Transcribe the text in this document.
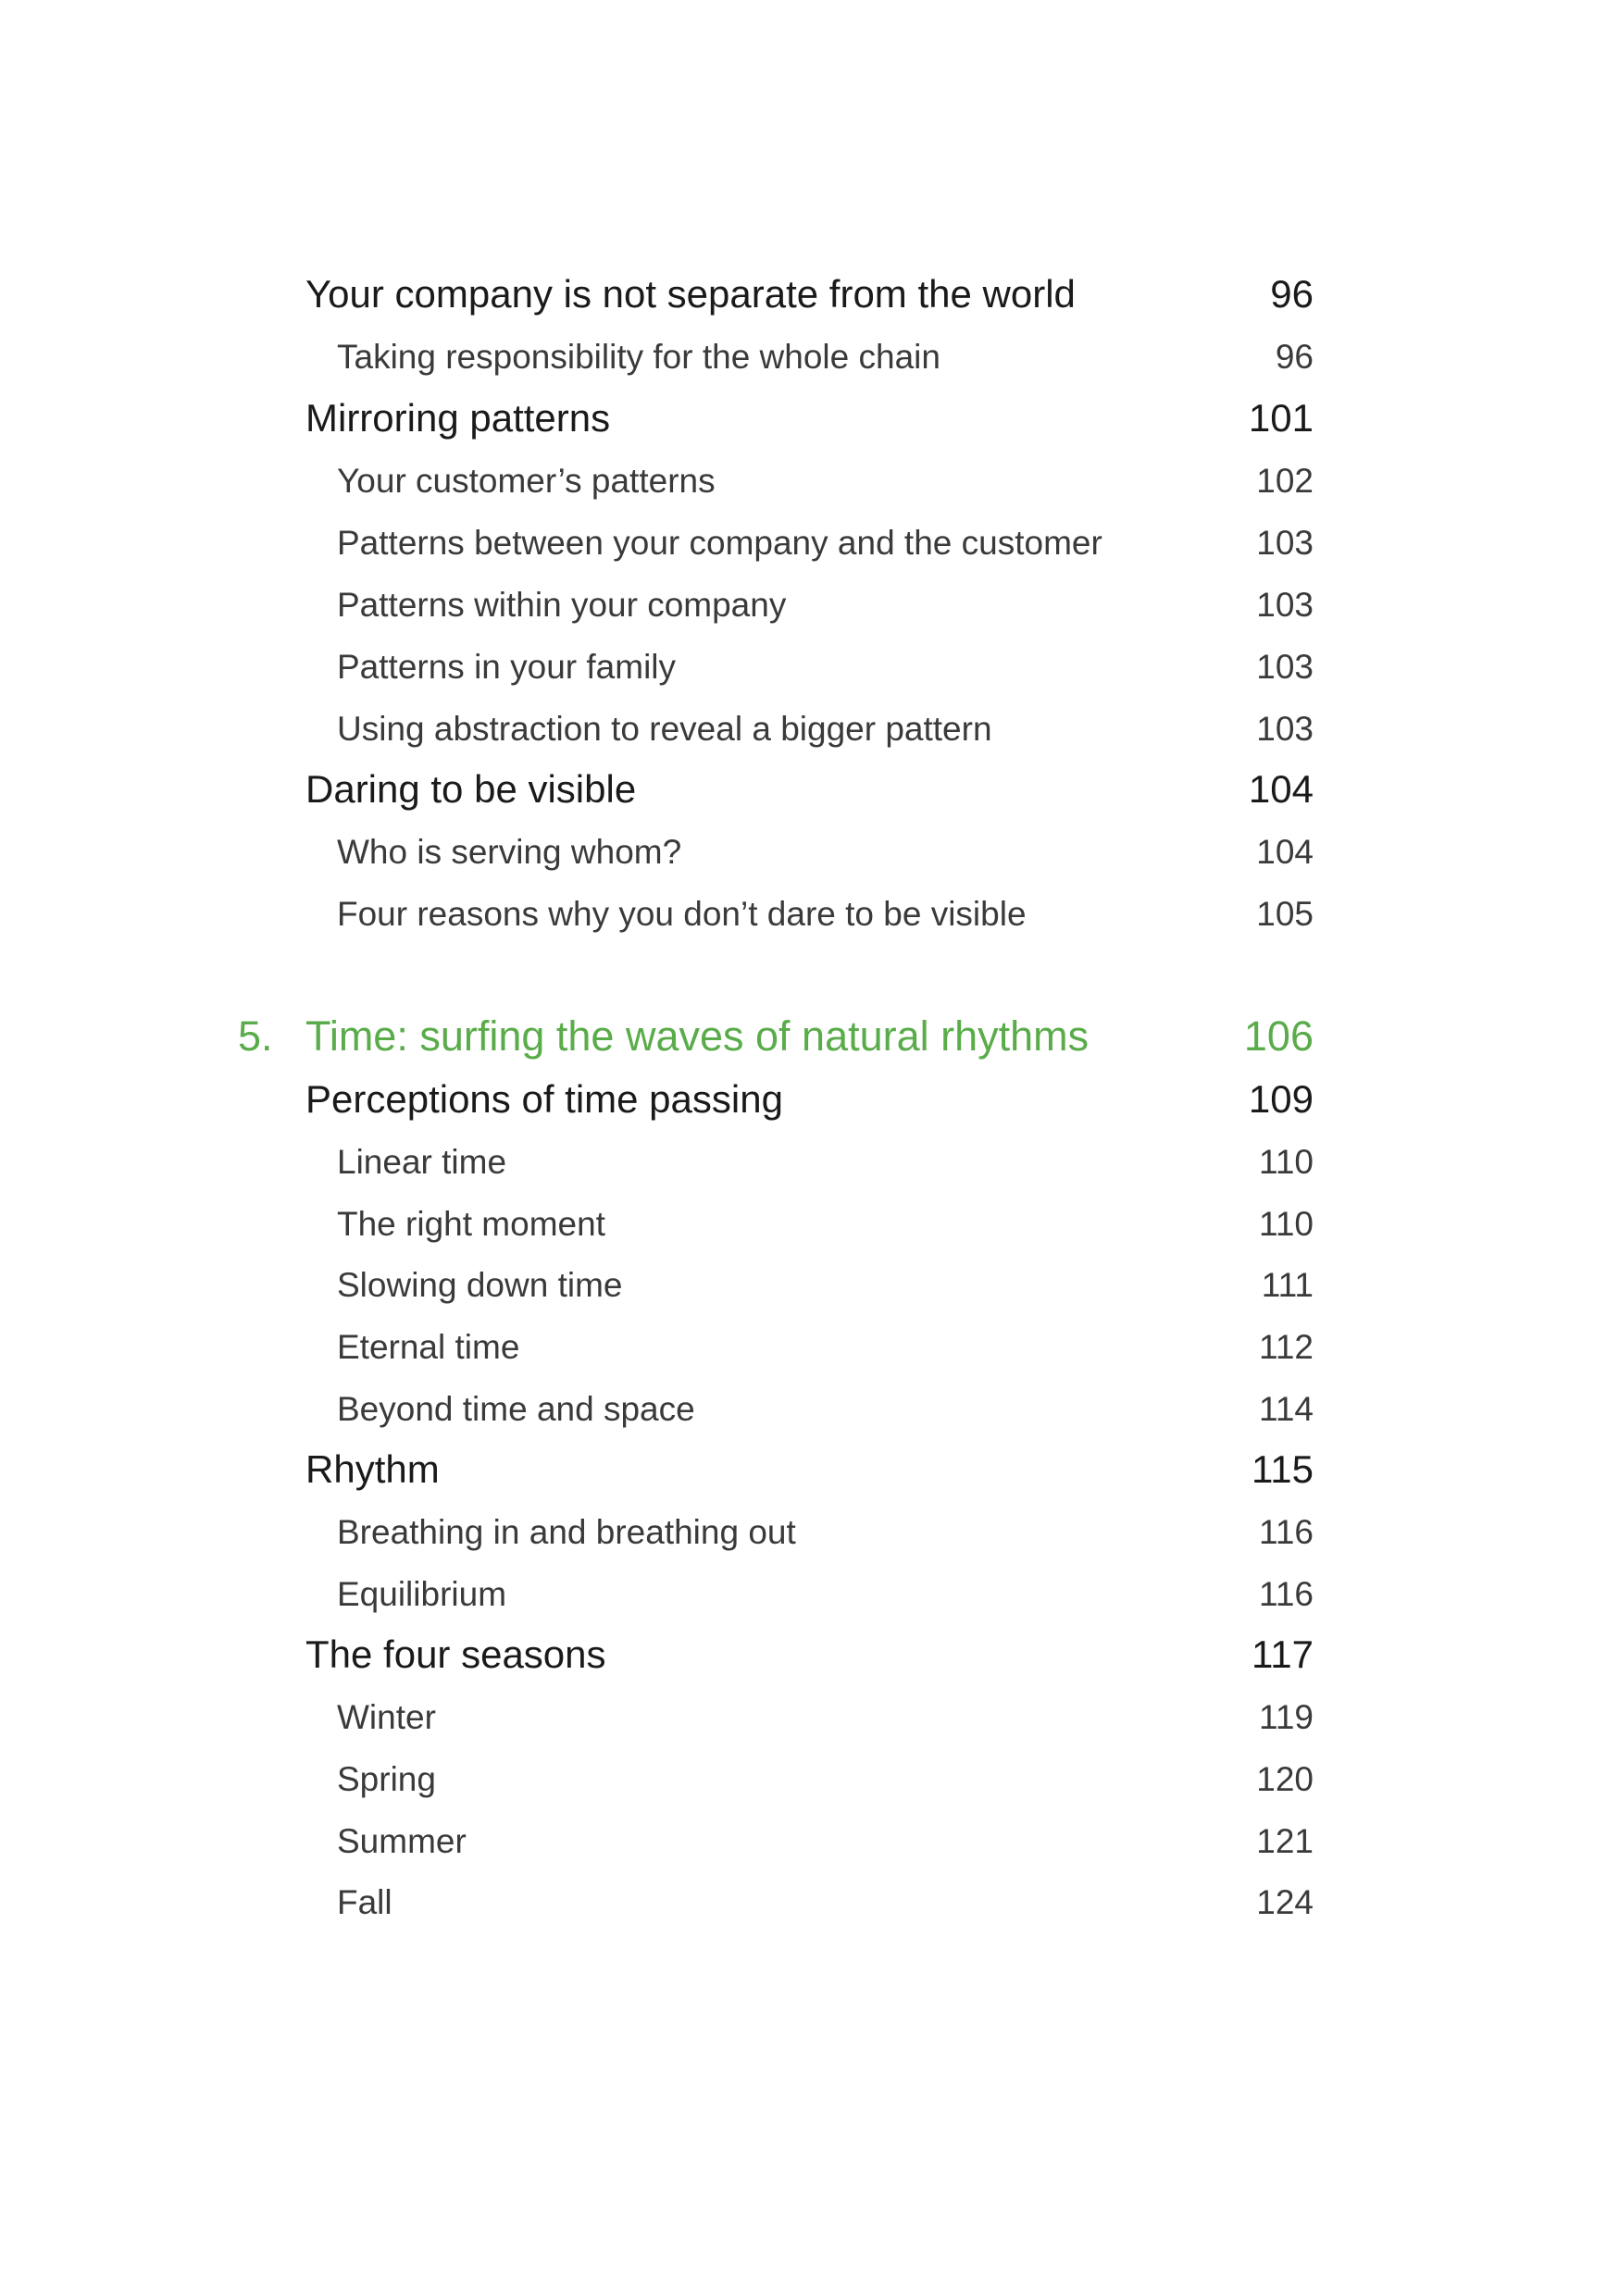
Your company is not separate from the world	96
Taking responsibility for the whole chain	96
Mirroring patterns	101
Your customer’s patterns	102
Patterns between your company and the customer	103
Patterns within your company	103
Patterns in your family	103
Using abstraction to reveal a bigger pattern	103
Daring to be visible	104
Who is serving whom?	104
Four reasons why you don’t dare to be visible	105
5. Time: surfing the waves of natural rhythms	106
Perceptions of time passing	109
Linear time	110
The right moment	110
Slowing down time	111
Eternal time	112
Beyond time and space	114
Rhythm	115
Breathing in and breathing out	116
Equilibrium	116
The four seasons	117
Winter	119
Spring	120
Summer	121
Fall	124
